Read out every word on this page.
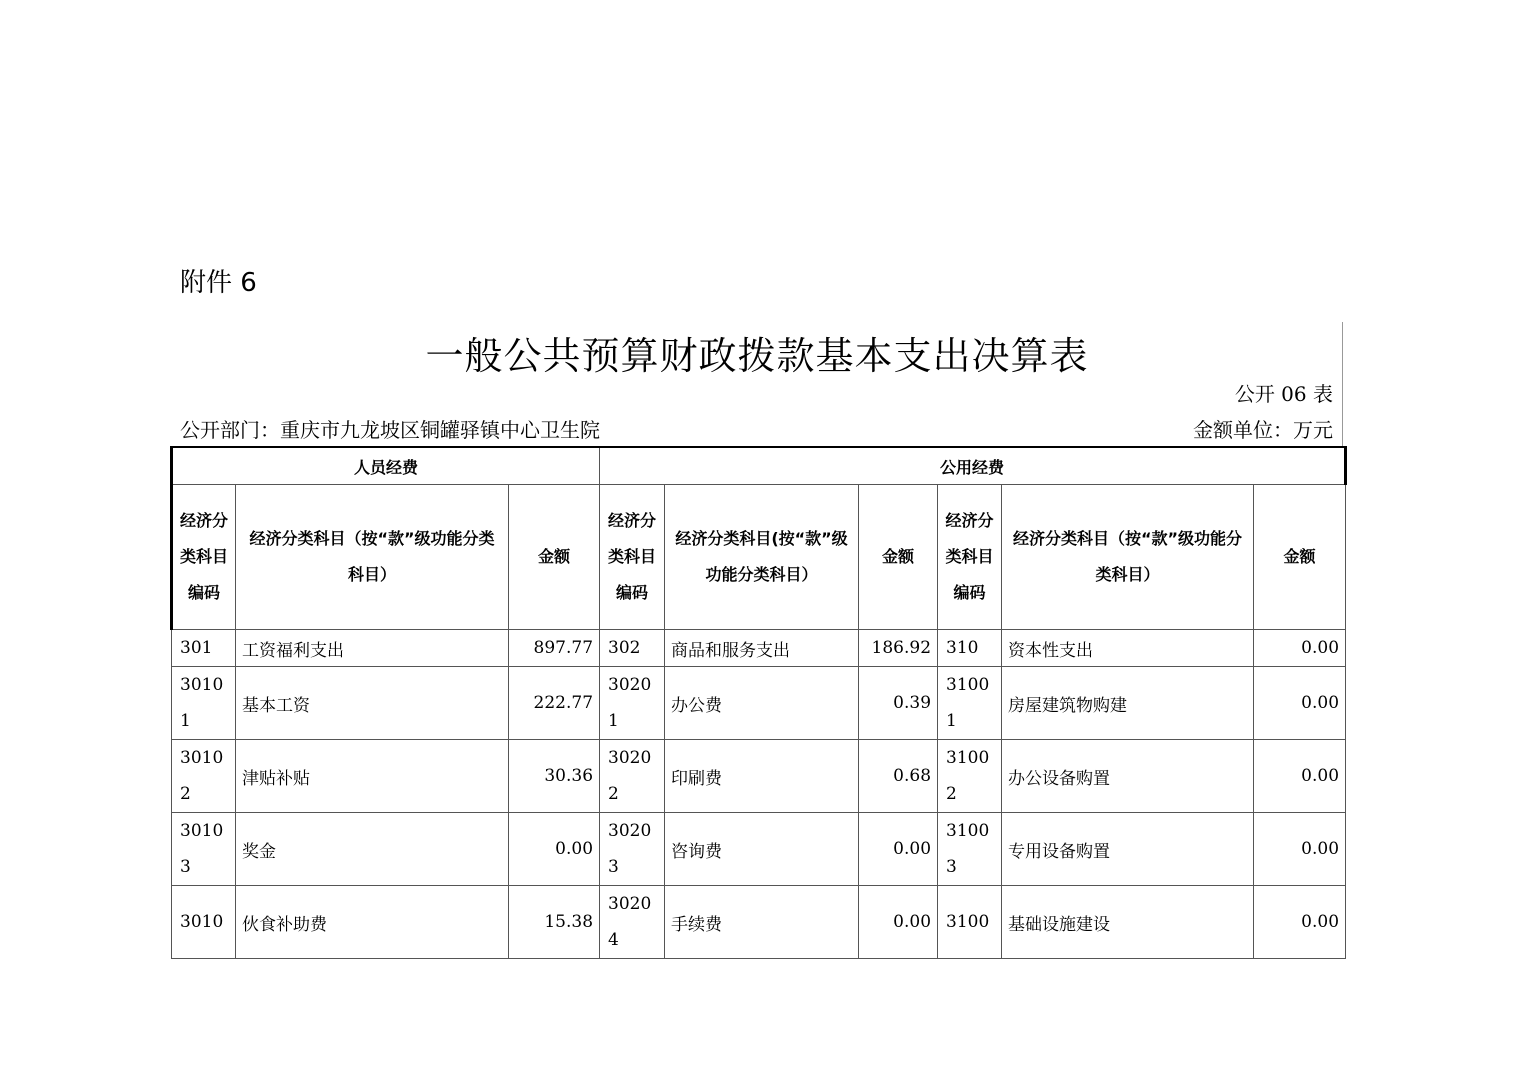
附件 6
一般公共预算财政拨款基本支出决算表
公开 06 表
公开部门：重庆市九龙坡区铜罐驿镇中心卫生院	金额单位：万元
人员经费			公用经费					
经济分类科目编码	经济分类科目（按“款”级功能分类科目）	金额	经济分类科目编码	经济分类科目(按“款”级功能分类科目）	金额	经济分类科目编码	经济分类科目（按“款”级功能分类科目）	金额
301	工资福利支出	897.77	302	商品和服务支出	186.92	310	资本性支出	0.00
30101	基本工资	222.77	30201	办公费	0.39	31001	房屋建筑物购建	0.00
30102	津贴补贴	30.36	30202	印刷费	0.68	31002	办公设备购置	0.00
30103	奖金	0.00	30203	咨询费	0.00	31003	专用设备购置	0.00
3010	伙食补助费	15.38	30204	手续费	0.00	3100	基础设施建设	0.00
